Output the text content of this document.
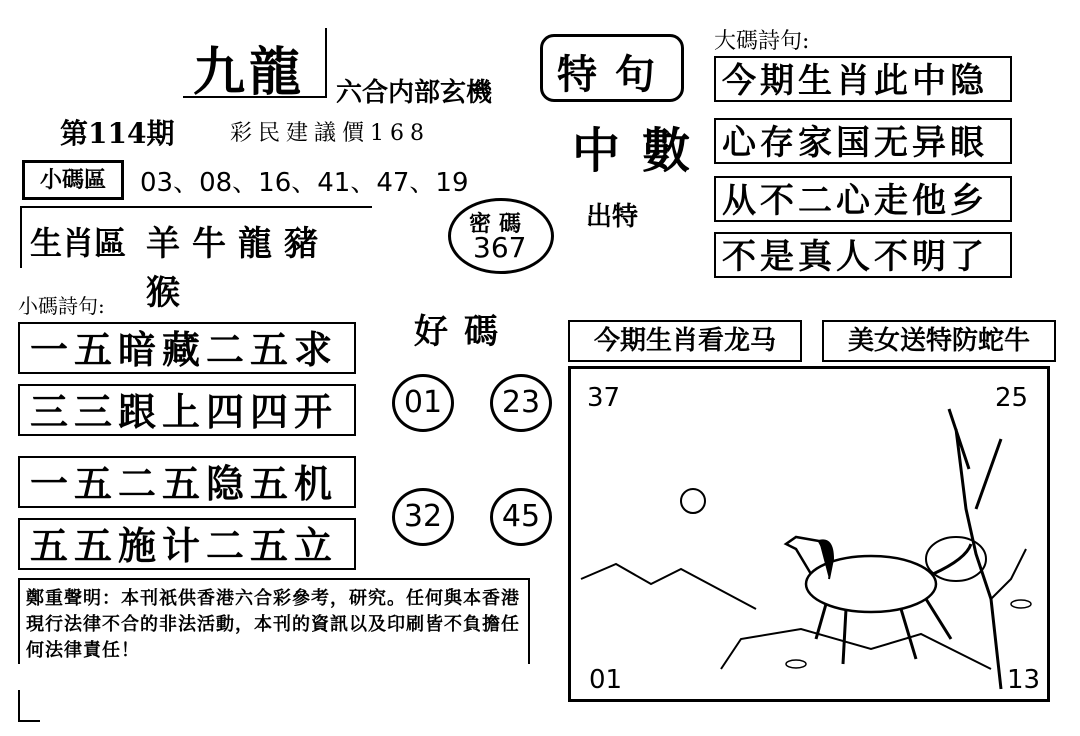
九龍 六合内部玄機
第114期	彩民建議價168
小碼區	03、08、16、41、47、19
生肖區 羊牛龍豬猴
密碼
367
小碼詩句:
一五暗藏二五求
三三跟上四四开
一五二五隐五机
五五施计二五立
好碼
01	23
32	45
特句
中數
出特
大碼詩句:
今期生肖此中隐
心存家国无异眼
从不二心走他乡
不是真人不明了
今期生肖看龙马	美女送特防蛇牛
37	25
01	13
鄭重聲明：本刊祇供香港六合彩參考，研究。任何與本香港現行法律不合的非法活動，本刊的資訊以及印刷皆不負擔任何法律責任！
